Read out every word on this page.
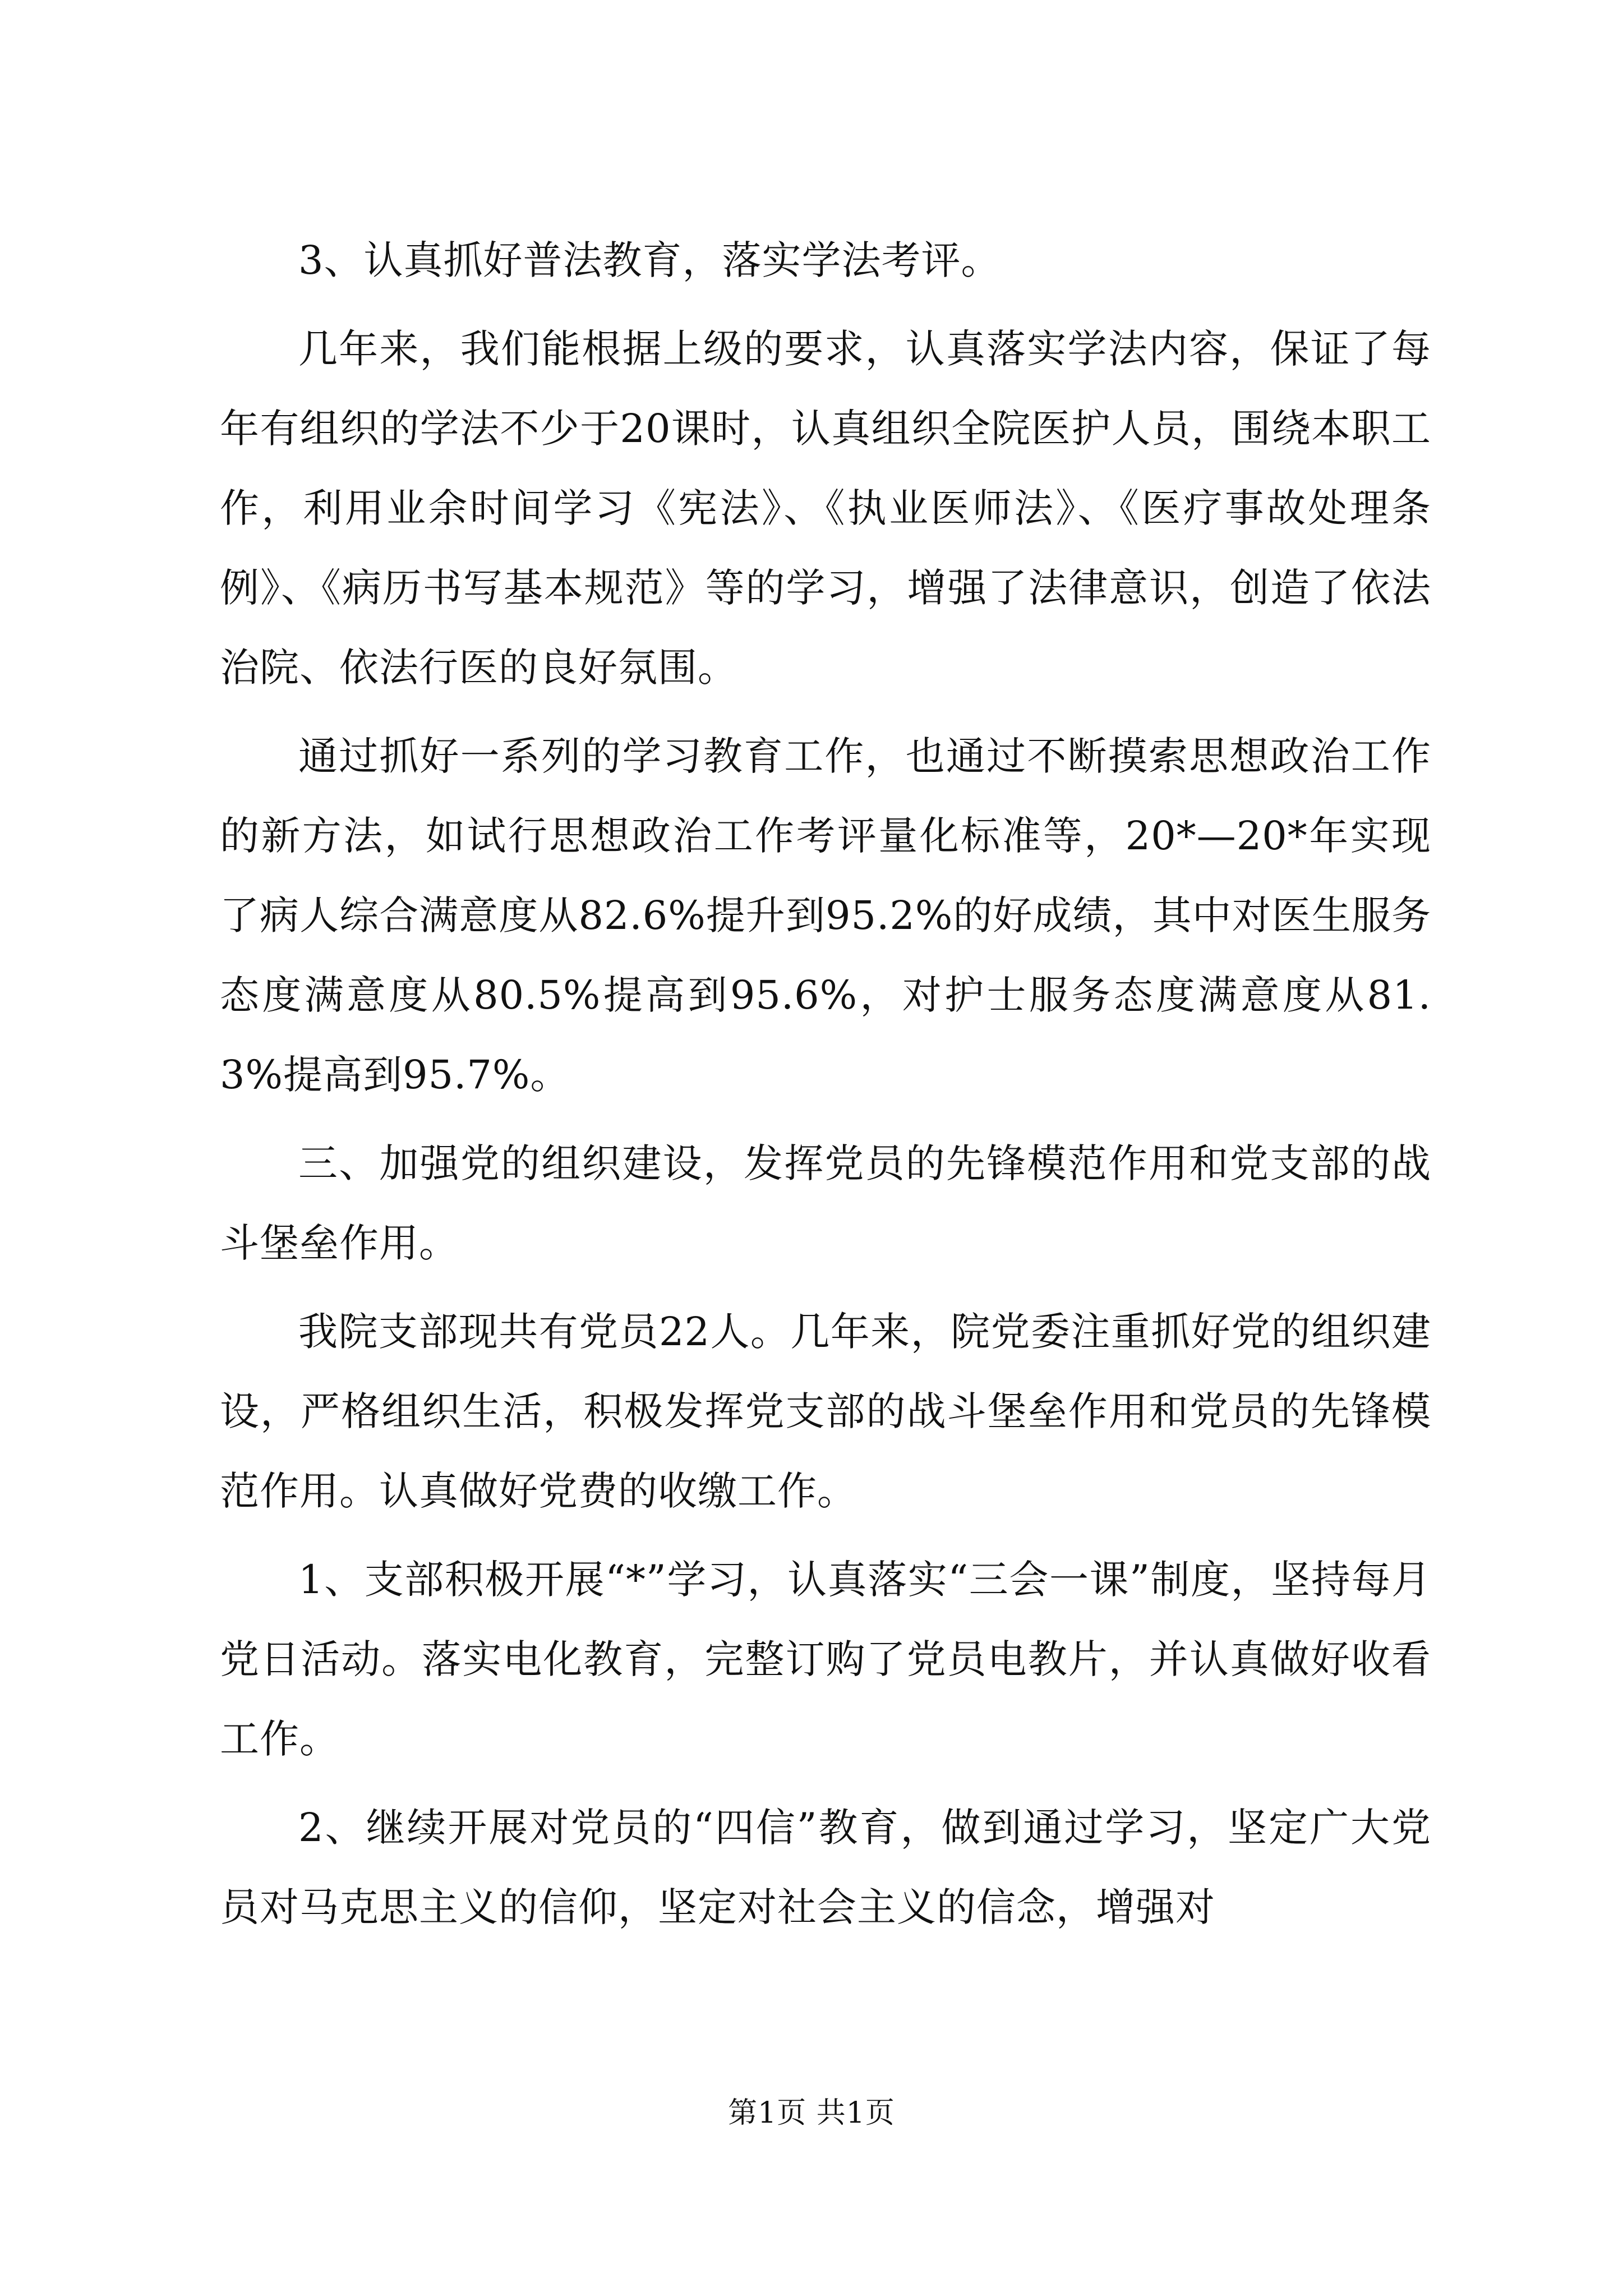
3、认真抓好普法教育，落实学法考评。

几年来，我们能根据上级的要求，认真落实学法内容，保证了每年有组织的学法不少于20课时，认真组织全院医护人员，围绕本职工作，利用业余时间学习《宪法》、《执业医师法》、《医疗事故处理条例》、《病历书写基本规范》等的学习，增强了法律意识，创造了依法治院、依法行医的良好氛围。

通过抓好一系列的学习教育工作，也通过不断摸索思想政治工作的新方法，如试行思想政治工作考评量化标准等，20*—20*年实现了病人综合满意度从82.6%提升到95.2%的好成绩，其中对医生服务态度满意度从80.5%提高到95.6%，对护士服务态度满意度从81.3%提高到95.7%。

三、加强党的组织建设，发挥党员的先锋模范作用和党支部的战斗堡垒作用。

我院支部现共有党员22人。几年来，院党委注重抓好党的组织建设，严格组织生活，积极发挥党支部的战斗堡垒作用和党员的先锋模范作用。认真做好党费的收缴工作。

1、支部积极开展“*”学习，认真落实“三会一课”制度，坚持每月党日活动。落实电化教育，完整订购了党员电教片，并认真做好收看工作。

2、继续开展对党员的“四信”教育，做到通过学习，坚定广大党员对马克思主义的信仰，坚定对社会主义的信念，增强对

第1页 共1页
